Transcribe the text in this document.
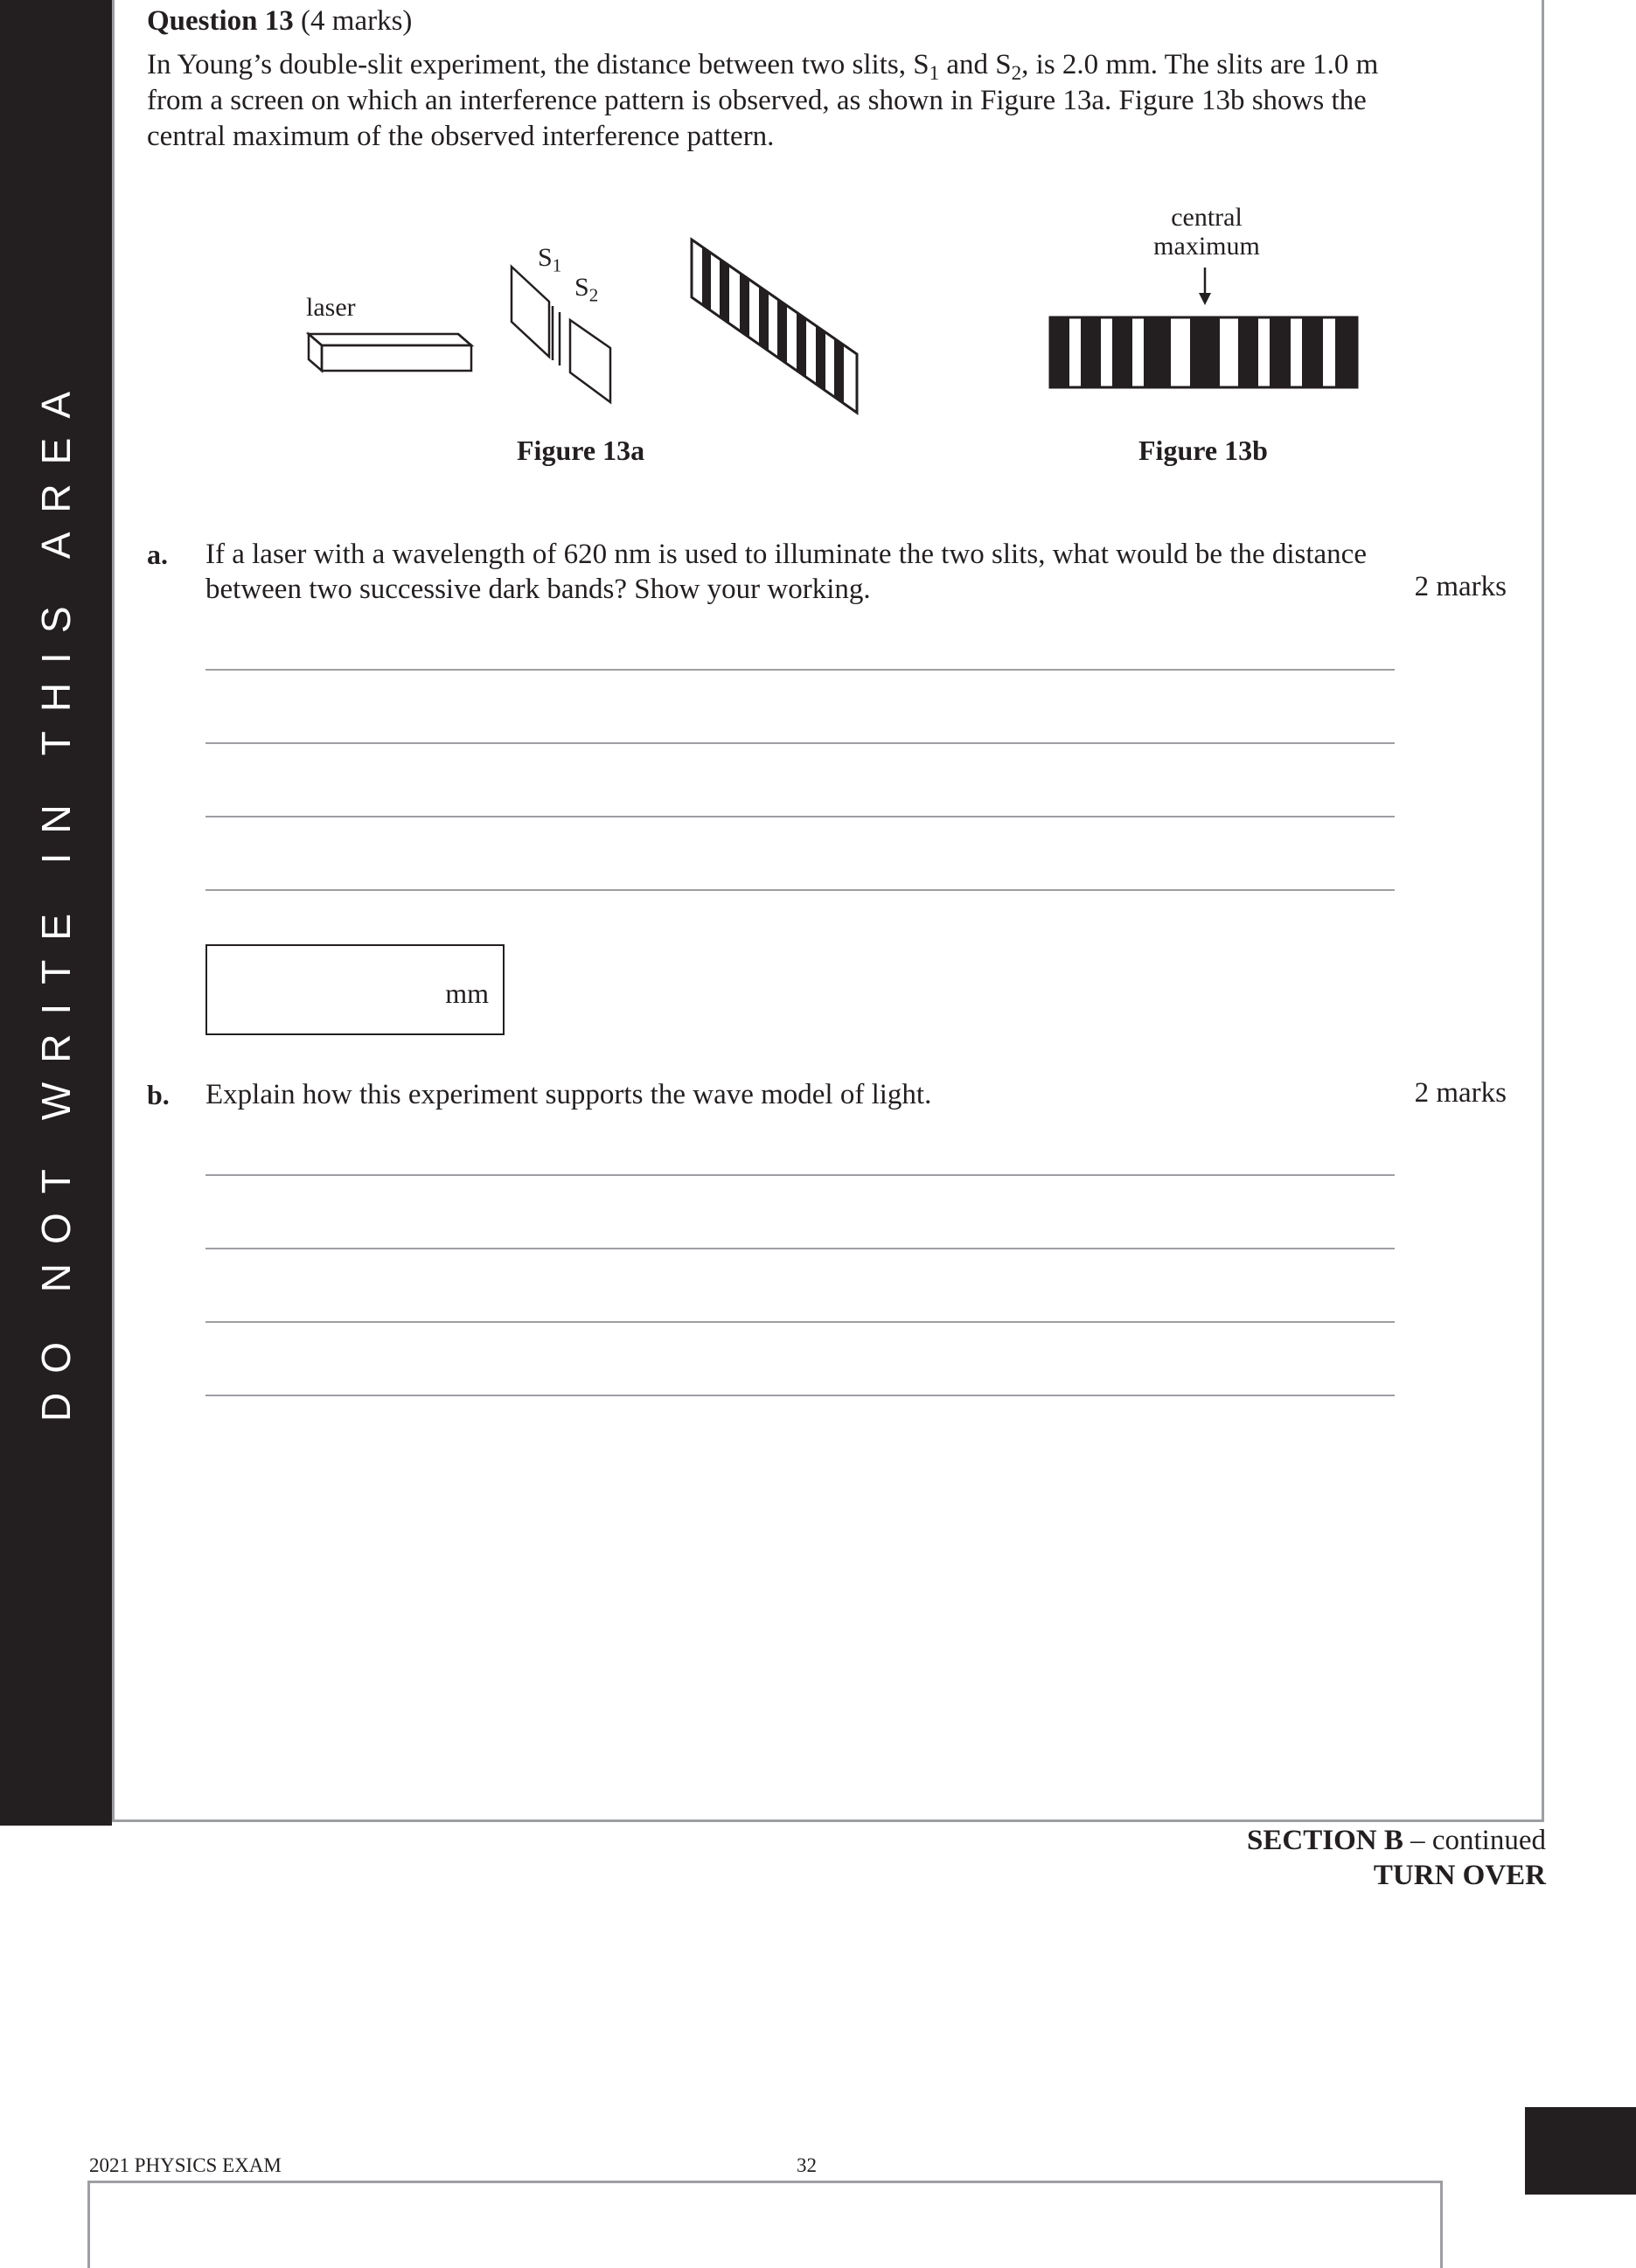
DO NOT WRITE IN THIS AREA
Question 13 (4 marks)
In Young’s double-slit experiment, the distance between two slits, $S_1$ and $S_2$, is 2.0 mm. The slits are 1.0 m
from a screen on which an interference pattern is observed, as shown in Figure 13a. Figure 13b shows the
central maximum of the observed interference pattern.
laser
$S_1$
$S_2$
Figure 13a
central
maximum
Figure 13b
a. If a laser with a wavelength of 620 nm is used to illuminate the two slits, what would be the distance
between two successive dark bands? Show your working.	2 marks
mm
b. Explain how this experiment supports the wave model of light.	2 marks
SECTION B – continued
TURN OVER
2021 PHYSICS EXAM	32
